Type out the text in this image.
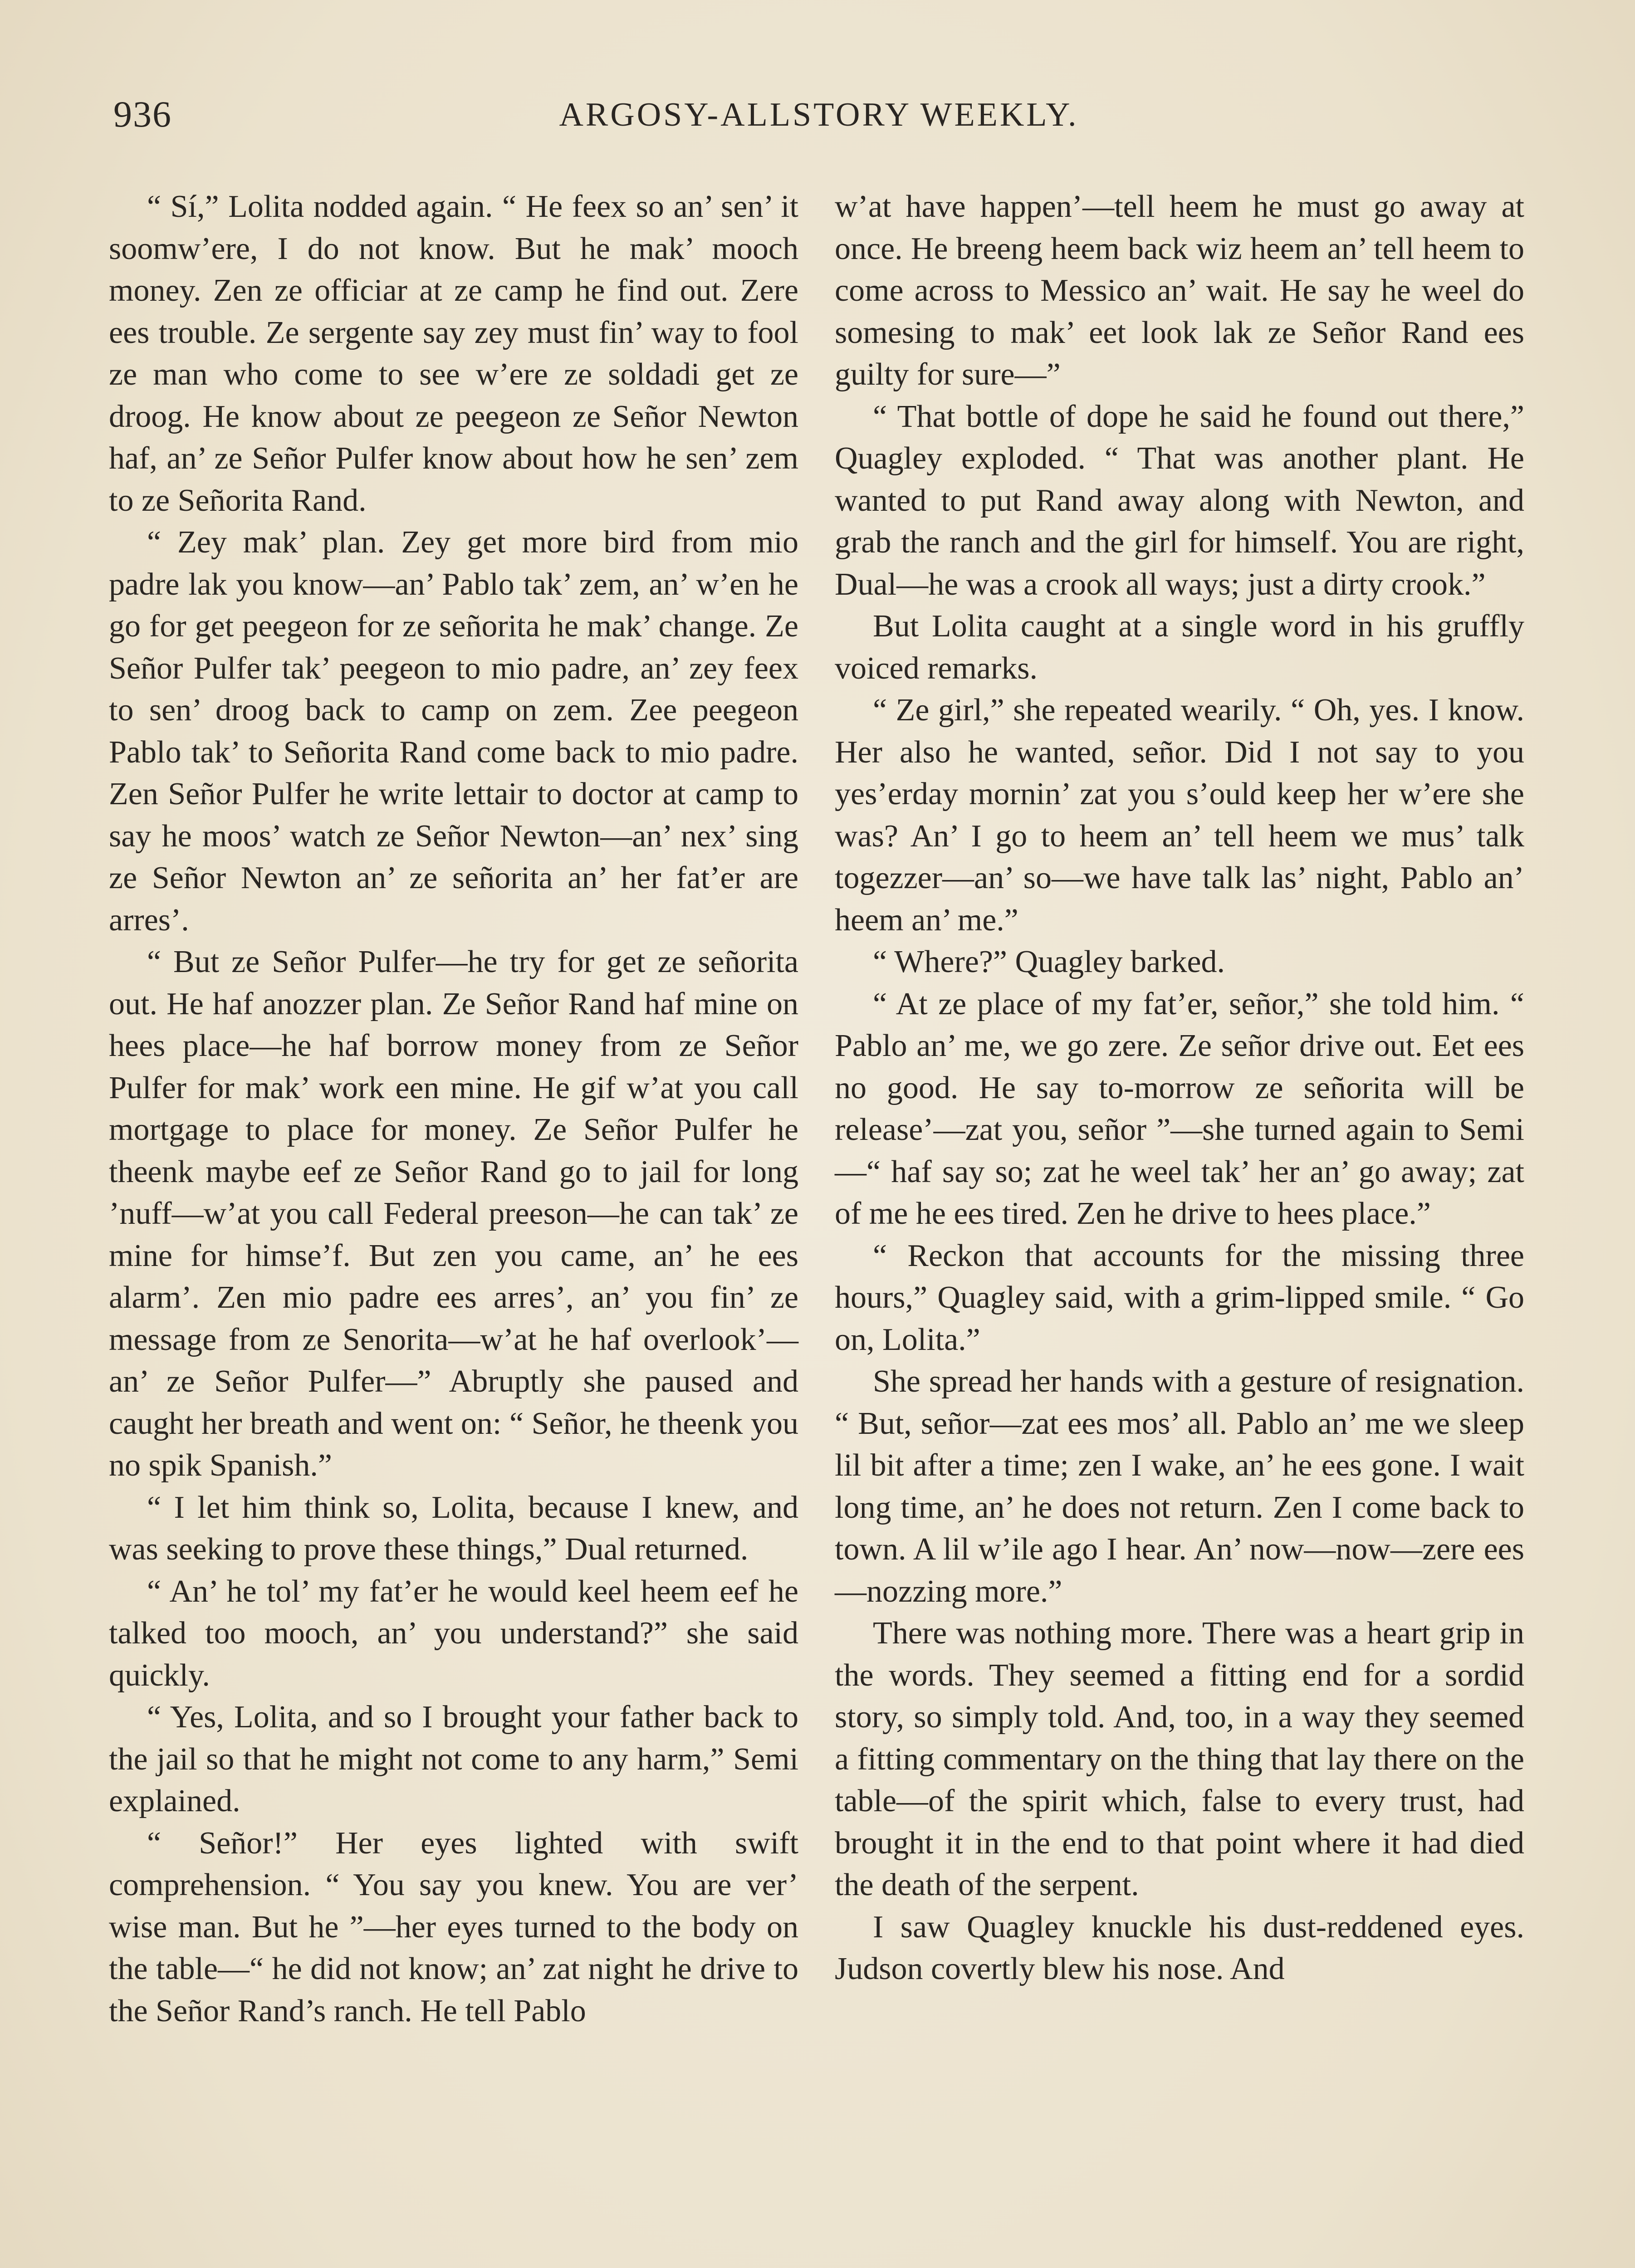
936	ARGOSY-ALLSTORY WEEKLY.

“ Sí,” Lolita nodded again. “ He feex so an’ sen’ it soomw’ere, I do not know. But he mak’ mooch money. Zen ze officiar at ze camp he find out. Zere ees trouble. Ze sergente say zey must fin’ way to fool ze man who come to see w’ere ze soldadi get ze droog. He know about ze peegeon ze Señor Newton haf, an’ ze Señor Pulfer know about how he sen’ zem to ze Señorita Rand.

“ Zey mak’ plan. Zey get more bird from mio padre lak you know—an’ Pablo tak’ zem, an’ w’en he go for get peegeon for ze señorita he mak’ change. Ze Señor Pulfer tak’ peegeon to mio padre, an’ zey feex to sen’ droog back to camp on zem. Zee peegeon Pablo tak’ to Señorita Rand come back to mio padre. Zen Señor Pulfer he write lettair to doctor at camp to say he moos’ watch ze Señor Newton—an’ nex’ sing ze Señor Newton an’ ze señorita an’ her fat’er are arres’.

“ But ze Señor Pulfer—he try for get ze señorita out. He haf anozzer plan. Ze Señor Rand haf mine on hees place—he haf borrow money from ze Señor Pulfer for mak’ work een mine. He gif w’at you call mortgage to place for money. Ze Señor Pulfer he theenk maybe eef ze Señor Rand go to jail for long ’nuff—w’at you call Federal preeson—he can tak’ ze mine for himse’f. But zen you came, an’ he ees alarm’. Zen mio padre ees arres’, an’ you fin’ ze message from ze Senorita—w’at he haf overlook’—an’ ze Señor Pulfer—” Abruptly she paused and caught her breath and went on: “ Señor, he theenk you no spik Spanish.”

“ I let him think so, Lolita, because I knew, and was seeking to prove these things,” Dual returned.

“ An’ he tol’ my fat’er he would keel heem eef he talked too mooch, an’ you understand?” she said quickly.

“ Yes, Lolita, and so I brought your father back to the jail so that he might not come to any harm,” Semi explained.

“ Señor!” Her eyes lighted with swift comprehension. “ You say you knew. You are ver’ wise man. But he ”—her eyes turned to the body on the table—“ he did not know; an’ zat night he drive to the Señor Rand’s ranch. He tell Pablo

w’at have happen’—tell heem he must go away at once. He breeng heem back wiz heem an’ tell heem to come across to Messico an’ wait. He say he weel do somesing to mak’ eet look lak ze Señor Rand ees guilty for sure—”

“ That bottle of dope he said he found out there,” Quagley exploded. “ That was another plant. He wanted to put Rand away along with Newton, and grab the ranch and the girl for himself. You are right, Dual—he was a crook all ways; just a dirty crook.”

But Lolita caught at a single word in his gruffly voiced remarks.

“ Ze girl,” she repeated wearily. “ Oh, yes. I know. Her also he wanted, señor. Did I not say to you yes’erday mornin’ zat you s’ould keep her w’ere she was? An’ I go to heem an’ tell heem we mus’ talk togezzer—an’ so—we have talk las’ night, Pablo an’ heem an’ me.”

“ Where?” Quagley barked.

“ At ze place of my fat’er, señor,” she told him. “ Pablo an’ me, we go zere. Ze señor drive out. Eet ees no good. He say to-morrow ze señorita will be release’—zat you, señor ”—she turned again to Semi—“ haf say so; zat he weel tak’ her an’ go away; zat of me he ees tired. Zen he drive to hees place.”

“ Reckon that accounts for the missing three hours,” Quagley said, with a grim-lipped smile. “ Go on, Lolita.”

She spread her hands with a gesture of resignation. “ But, señor—zat ees mos’ all. Pablo an’ me we sleep lil bit after a time; zen I wake, an’ he ees gone. I wait long time, an’ he does not return. Zen I come back to town. A lil w’ile ago I hear. An’ now—now—zere ees—nozzing more.”

There was nothing more. There was a heart grip in the words. They seemed a fitting end for a sordid story, so simply told. And, too, in a way they seemed a fitting commentary on the thing that lay there on the table—of the spirit which, false to every trust, had brought it in the end to that point where it had died the death of the serpent.

I saw Quagley knuckle his dust-reddened eyes. Judson covertly blew his nose. And
